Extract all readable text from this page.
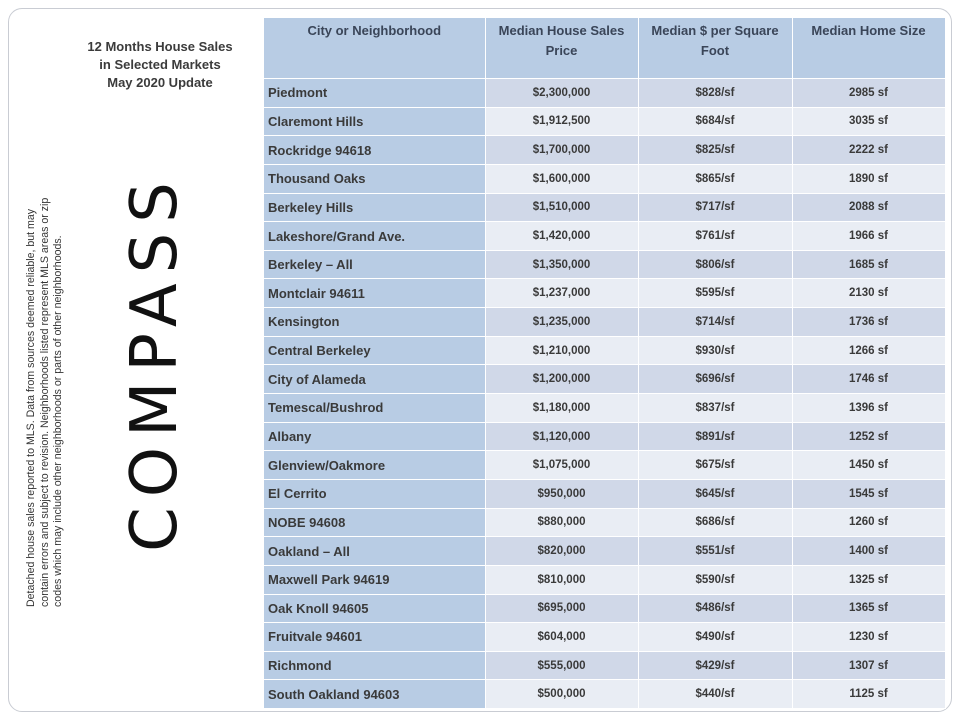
12 Months House Sales
in Selected Markets
May 2020 Update
Detached house sales reported to MLS. Data from sources deemed reliable, but may contain errors and subject to revision. Neighborhoods listed represent MLS areas or zip codes which may include other neighborhoods or parts of other neighborhoods. COMPASS
City or Neighborhood	Median House Sales Price	Median $ per Square Foot	Median Home Size
Piedmont	$2,300,000	$828/sf	2985 sf
Claremont Hills	$1,912,500	$684/sf	3035 sf
Rockridge 94618	$1,700,000	$825/sf	2222 sf
Thousand Oaks	$1,600,000	$865/sf	1890 sf
Berkeley Hills	$1,510,000	$717/sf	2088 sf
Lakeshore/Grand Ave.	$1,420,000	$761/sf	1966 sf
Berkeley – All	$1,350,000	$806/sf	1685 sf
Montclair 94611	$1,237,000	$595/sf	2130 sf
Kensington	$1,235,000	$714/sf	1736 sf
Central Berkeley	$1,210,000	$930/sf	1266 sf
City of Alameda	$1,200,000	$696/sf	1746 sf
Temescal/Bushrod	$1,180,000	$837/sf	1396 sf
Albany	$1,120,000	$891/sf	1252 sf
Glenview/Oakmore	$1,075,000	$675/sf	1450 sf
El Cerrito	$950,000	$645/sf	1545 sf
NOBE 94608	$880,000	$686/sf	1260 sf
Oakland – All	$820,000	$551/sf	1400 sf
Maxwell Park 94619	$810,000	$590/sf	1325 sf
Oak Knoll 94605	$695,000	$486/sf	1365 sf
Fruitvale 94601	$604,000	$490/sf	1230 sf
Richmond	$555,000	$429/sf	1307 sf
South Oakland 94603	$500,000	$440/sf	1125 sf
